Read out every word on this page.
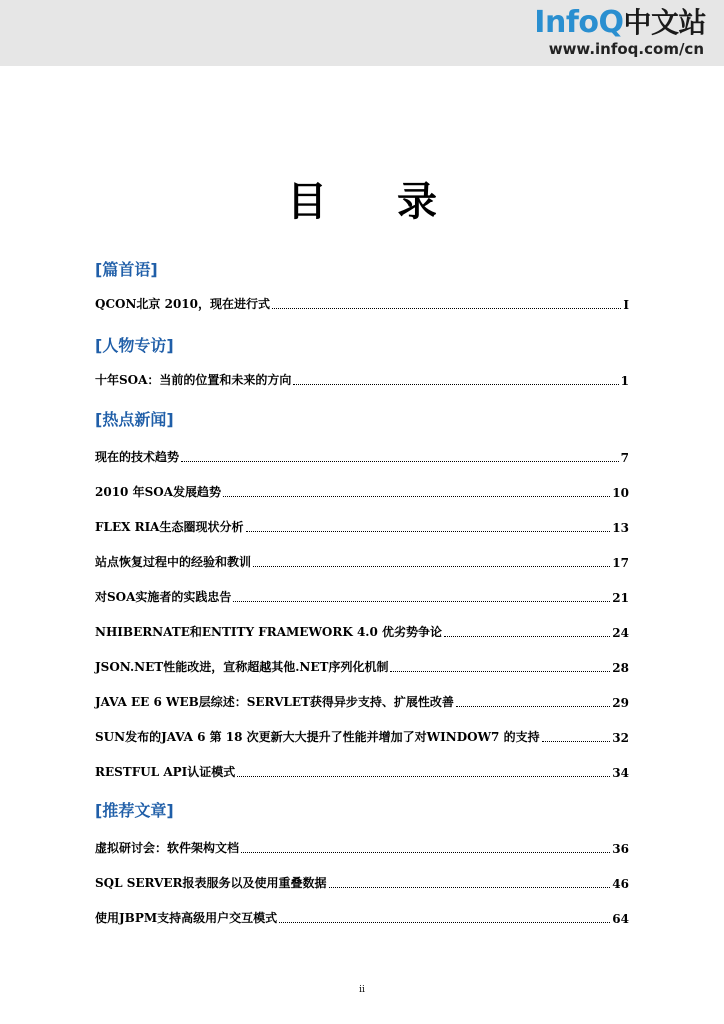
InfoQ中文站
www.infoq.com/cn
目 录
[篇首语]
QCON北京 2010，现在进行式	I
[人物专访]
十年SOA：当前的位置和未来的方向	1
[热点新闻]
现在的技术趋势	7
2010 年SOA发展趋势	10
FLEX RIA生态圈现状分析	13
站点恢复过程中的经验和教训	17
对SOA实施者的实践忠告	21
NHIBERNATE和ENTITY FRAMEWORK 4.0 优劣势争论	24
JSON.NET性能改进，宣称超越其他.NET序列化机制	28
JAVA EE 6 WEB层综述：SERVLET获得异步支持、扩展性改善	29
SUN发布的JAVA 6 第 18 次更新大大提升了性能并增加了对WINDOW7 的支持	32
RESTFUL API认证模式	34
[推荐文章]
虚拟研讨会：软件架构文档	36
SQL SERVER报表服务以及使用重叠数据	46
使用JBPM支持高级用户交互模式	64
ii
